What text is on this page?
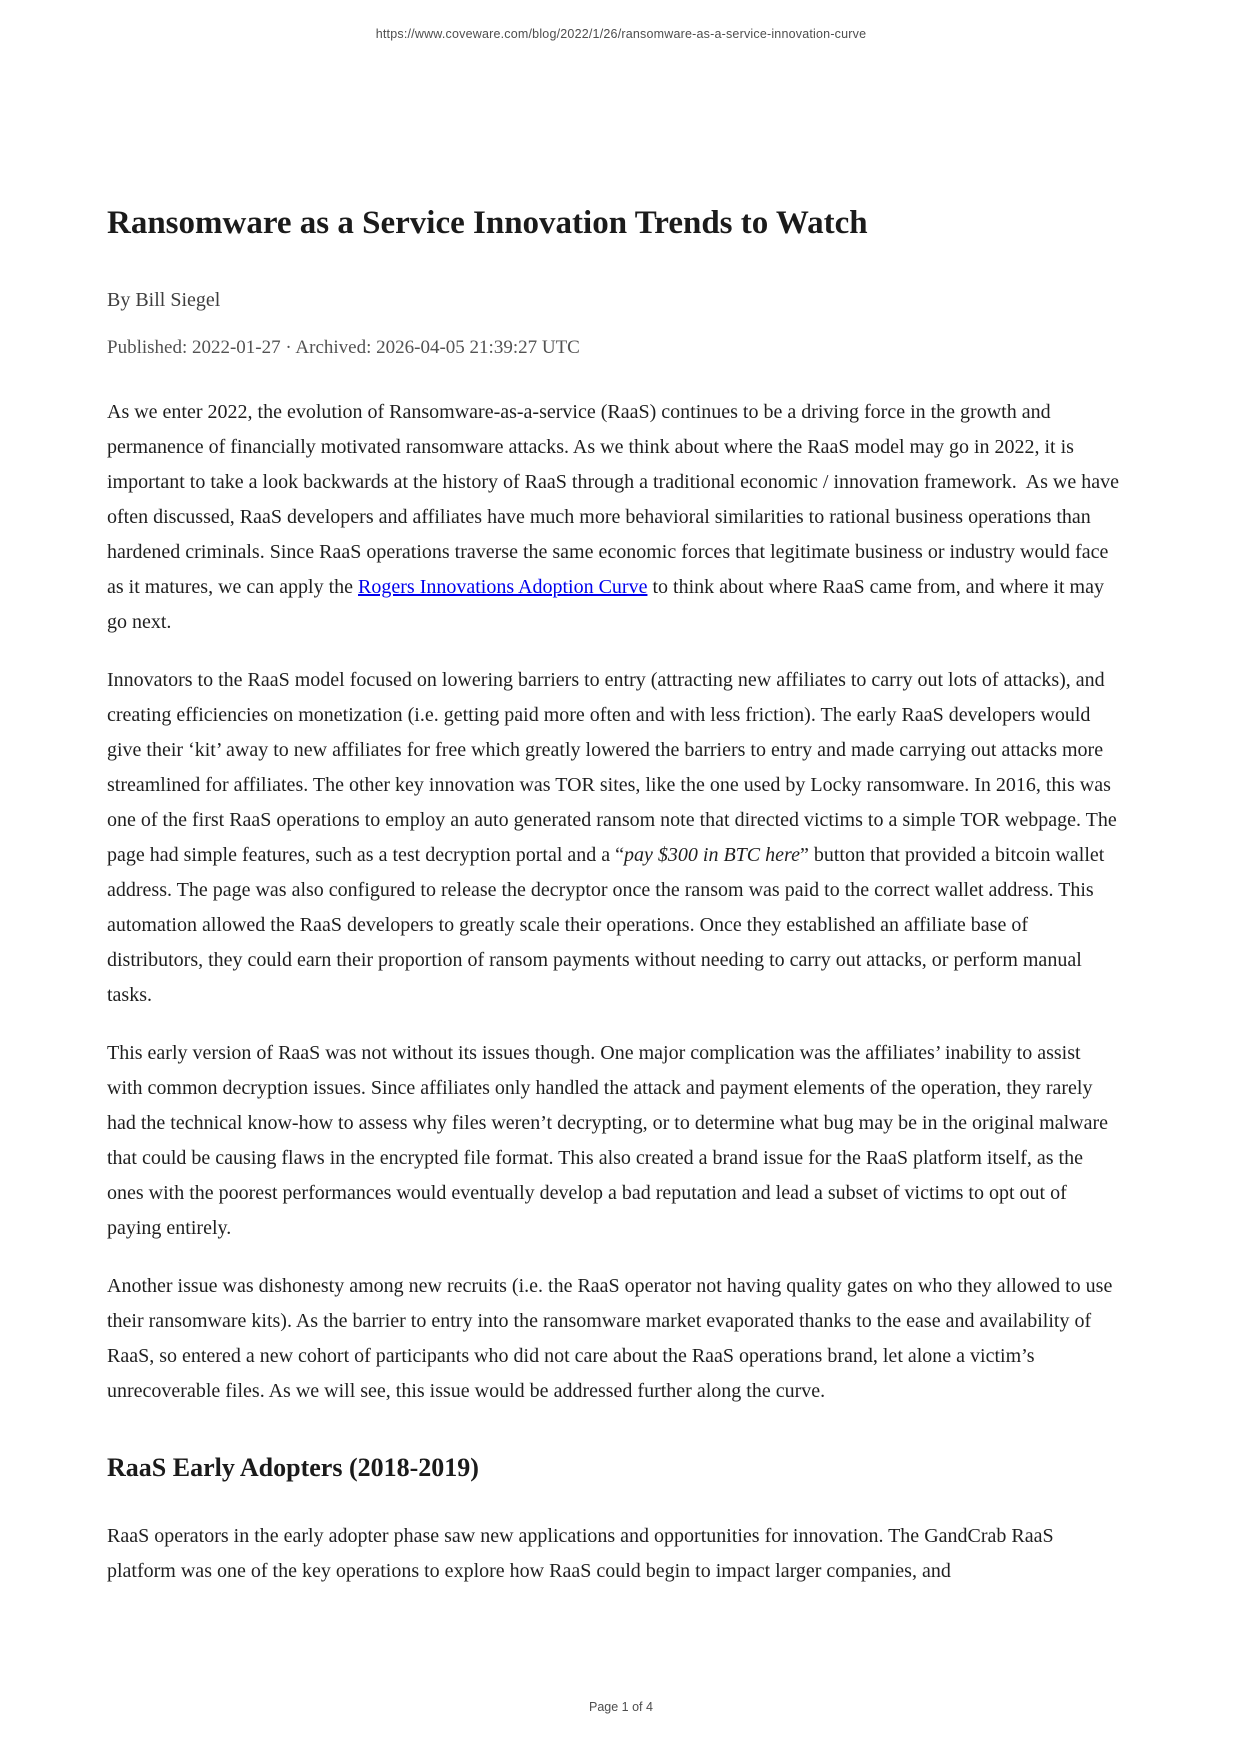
https://www.coveware.com/blog/2022/1/26/ransomware-as-a-service-innovation-curve
Ransomware as a Service Innovation Trends to Watch
By Bill Siegel
Published: 2022-01-27 · Archived: 2026-04-05 21:39:27 UTC

As we enter 2022, the evolution of Ransomware-as-a-service (RaaS) continues to be a driving force in the growth and permanence of financially motivated ransomware attacks. As we think about where the RaaS model may go in 2022, it is important to take a look backwards at the history of RaaS through a traditional economic / innovation framework.  As we have often discussed, RaaS developers and affiliates have much more behavioral similarities to rational business operations than hardened criminals. Since RaaS operations traverse the same economic forces that legitimate business or industry would face as it matures, we can apply the Rogers Innovations Adoption Curve to think about where RaaS came from, and where it may go next.

Innovators to the RaaS model focused on lowering barriers to entry (attracting new affiliates to carry out lots of attacks), and creating efficiencies on monetization (i.e. getting paid more often and with less friction). The early RaaS developers would give their ‘kit’ away to new affiliates for free which greatly lowered the barriers to entry and made carrying out attacks more streamlined for affiliates. The other key innovation was TOR sites, like the one used by Locky ransomware. In 2016, this was one of the first RaaS operations to employ an auto generated ransom note that directed victims to a simple TOR webpage. The page had simple features, such as a test decryption portal and a “pay $300 in BTC here” button that provided a bitcoin wallet address. The page was also configured to release the decryptor once the ransom was paid to the correct wallet address. This automation allowed the RaaS developers to greatly scale their operations. Once they established an affiliate base of distributors, they could earn their proportion of ransom payments without needing to carry out attacks, or perform manual tasks.

This early version of RaaS was not without its issues though. One major complication was the affiliates’ inability to assist with common decryption issues. Since affiliates only handled the attack and payment elements of the operation, they rarely had the technical know-how to assess why files weren’t decrypting, or to determine what bug may be in the original malware that could be causing flaws in the encrypted file format. This also created a brand issue for the RaaS platform itself, as the ones with the poorest performances would eventually develop a bad reputation and lead a subset of victims to opt out of paying entirely.

Another issue was dishonesty among new recruits (i.e. the RaaS operator not having quality gates on who they allowed to use their ransomware kits). As the barrier to entry into the ransomware market evaporated thanks to the ease and availability of RaaS, so entered a new cohort of participants who did not care about the RaaS operations brand, let alone a victim’s unrecoverable files. As we will see, this issue would be addressed further along the curve.

RaaS Early Adopters (2018-2019)

RaaS operators in the early adopter phase saw new applications and opportunities for innovation. The GandCrab RaaS platform was one of the key operations to explore how RaaS could begin to impact larger companies, and

Page 1 of 4
